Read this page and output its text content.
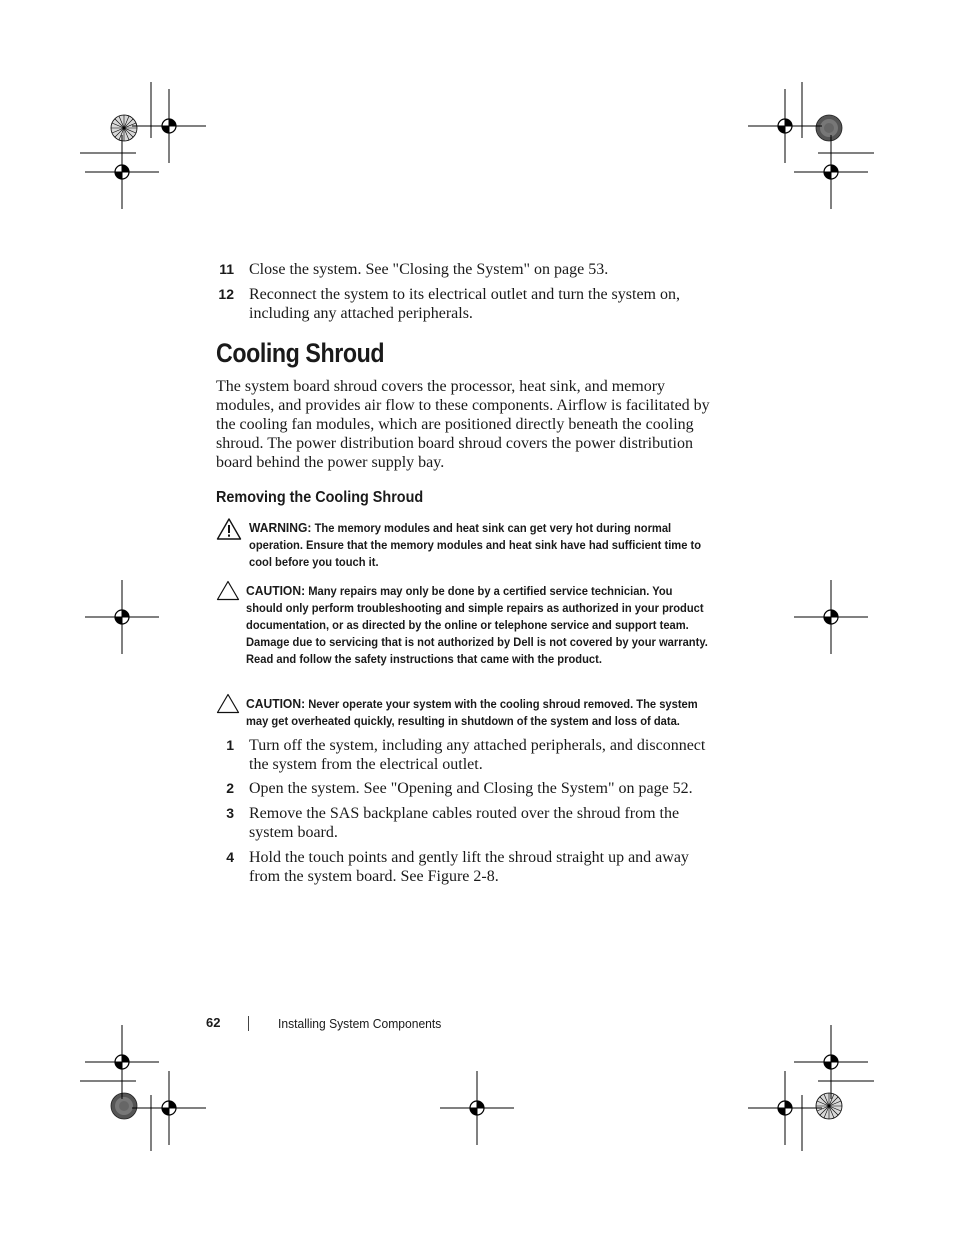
11 Close the system. See "Closing the System" on page 53.
12 Reconnect the system to its electrical outlet and turn the system on, including any attached peripherals.
Cooling Shroud
The system board shroud covers the processor, heat sink, and memory modules, and provides air flow to these components. Airflow is facilitated by the cooling fan modules, which are positioned directly beneath the cooling shroud. The power distribution board shroud covers the power distribution board behind the power supply bay.
Removing the Cooling Shroud
WARNING: The memory modules and heat sink can get very hot during normal operation. Ensure that the memory modules and heat sink have had sufficient time to cool before you touch it.
CAUTION: Many repairs may only be done by a certified service technician. You should only perform troubleshooting and simple repairs as authorized in your product documentation, or as directed by the online or telephone service and support team. Damage due to servicing that is not authorized by Dell is not covered by your warranty. Read and follow the safety instructions that came with the product.
CAUTION: Never operate your system with the cooling shroud removed. The system may get overheated quickly, resulting in shutdown of the system and loss of data.
1 Turn off the system, including any attached peripherals, and disconnect the system from the electrical outlet.
2 Open the system. See "Opening and Closing the System" on page 52.
3 Remove the SAS backplane cables routed over the shroud from the system board.
4 Hold the touch points and gently lift the shroud straight up and away from the system board. See Figure 2-8.
62	Installing System Components
